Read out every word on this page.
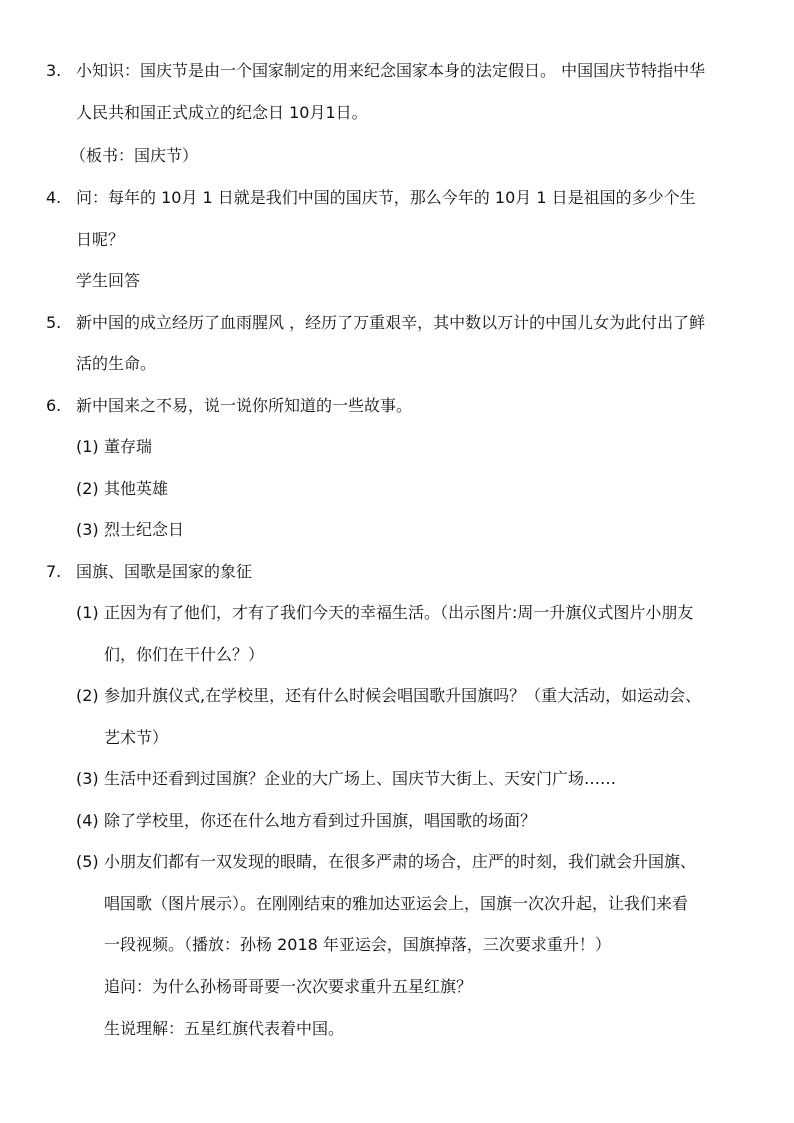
3. 小知识：国庆节是由一个国家制定的用来纪念国家本身的法定假日。 中国国庆节特指中华
人民共和国正式成立的纪念日 10月1日。
（板书：国庆节）
4. 问：每年的 10月 1 日就是我们中国的国庆节，那么今年的 10月 1 日是祖国的多少个生
日呢？
学生回答
5. 新中国的成立经历了血雨腥风 ，经历了万重艰辛，其中数以万计的中国儿女为此付出了鲜
活的生命。
6. 新中国来之不易，说一说你所知道的一些故事。
(1) 董存瑞
(2) 其他英雄
(3) 烈士纪念日
7. 国旗、国歌是国家的象征
(1) 正因为有了他们，才有了我们今天的幸福生活。（出示图片:周一升旗仪式图片小朋友
们，你们在干什么？）
(2) 参加升旗仪式,在学校里，还有什么时候会唱国歌升国旗吗？（重大活动，如运动会、
艺术节）
(3) 生活中还看到过国旗？企业的大广场上、国庆节大街上、天安门广场……
(4) 除了学校里，你还在什么地方看到过升国旗，唱国歌的场面？
(5) 小朋友们都有一双发现的眼睛，在很多严肃的场合，庄严的时刻，我们就会升国旗、
唱国歌（图片展示）。在刚刚结束的雅加达亚运会上，国旗一次次升起，让我们来看
一段视频。（播放：孙杨 2018 年亚运会，国旗掉落，三次要求重升！）
追问：为什么孙杨哥哥要一次次要求重升五星红旗？
生说理解：五星红旗代表着中国。
